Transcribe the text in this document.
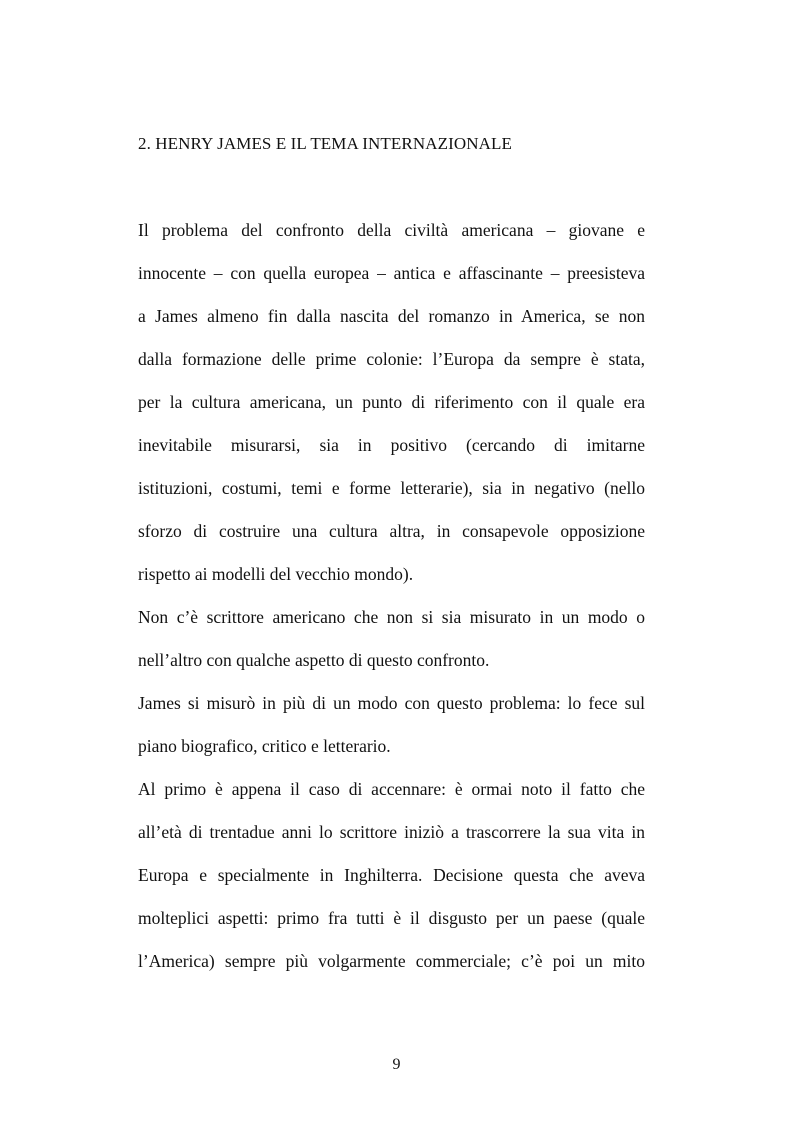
2. HENRY JAMES E IL TEMA INTERNAZIONALE
Il problema del confronto della civiltà americana – giovane e
innocente – con quella europea – antica e affascinante – preesisteva
a James almeno fin dalla nascita del romanzo in America, se non
dalla formazione delle prime colonie: l’Europa da sempre è stata,
per la cultura americana, un punto di riferimento con il quale era
inevitabile misurarsi, sia in positivo (cercando di imitarne
istituzioni, costumi, temi e forme letterarie), sia in negativo (nello
sforzo di costruire una cultura altra, in consapevole opposizione
rispetto ai modelli del vecchio mondo).
Non c’è scrittore americano che non si sia misurato in un modo o
nell’altro con qualche aspetto di questo confronto.
James si misurò in più di un modo con questo problema: lo fece sul
piano biografico, critico e letterario.
Al primo è appena il caso di accennare: è ormai noto il fatto che
all’età di trentadue anni lo scrittore iniziò a trascorrere la sua vita in
Europa e specialmente in Inghilterra. Decisione questa che aveva
molteplici aspetti: primo fra tutti è il disgusto per un paese (quale
l’America) sempre più volgarmente commerciale; c’è poi un mito
9
